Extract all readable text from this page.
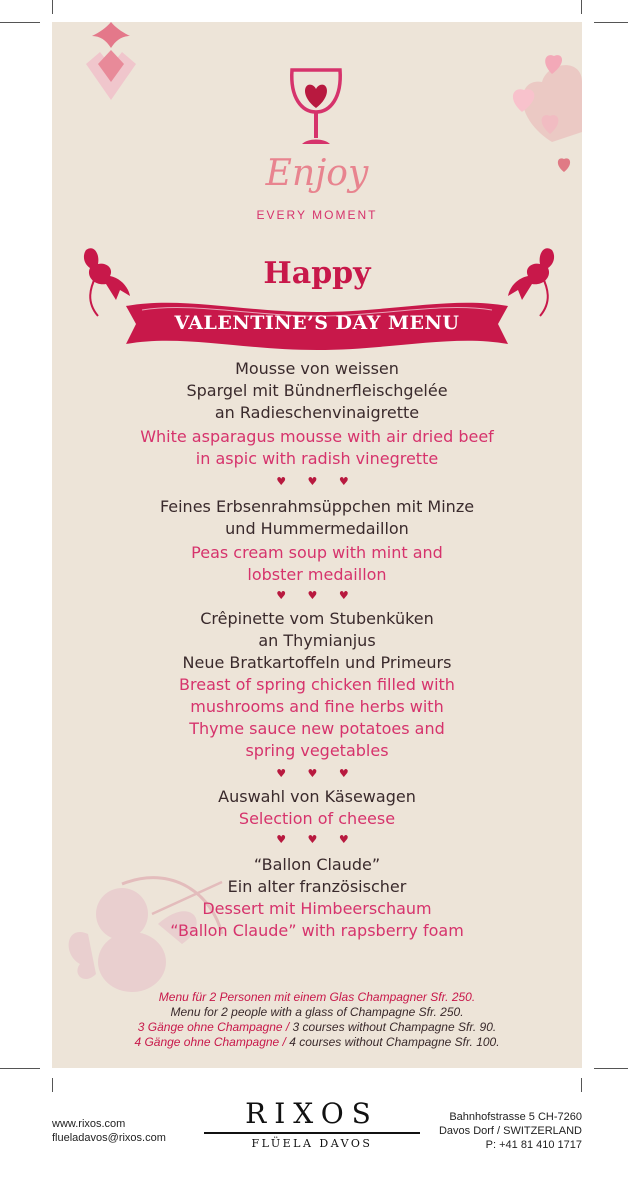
Enjoy
EVERY MOMENT
Happy
VALENTINE’S DAY MENU
Mousse von weissen
Spargel mit Bündnerfleischgelée
an Radieschenvinaigrette
White asparagus mousse with air dried beef
in aspic with radish vinegrette
♥ ♥ ♥
Feines Erbsenrahmsüppchen mit Minze
und Hummermedaillon
Peas cream soup with mint and
lobster medaillon
♥ ♥ ♥
Crêpinette vom Stubenküken
an Thymianjus
Neue Bratkartoffeln und Primeurs
Breast of spring chicken filled with
mushrooms and fine herbs with
Thyme sauce new potatoes and
spring vegetables
♥ ♥ ♥
Auswahl von Käsewagen
Selection of cheese
♥ ♥ ♥
“Ballon Claude”
Ein alter französischer
Dessert mit Himbeerschaum
“Ballon Claude” with rapsberry foam
Menu für 2 Personen mit einem Glas Champagner Sfr. 250.
Menu for 2 people with a glass of Champagne Sfr. 250.
3 Gänge ohne Champagne / 3 courses without Champagne Sfr. 90.
4 Gänge ohne Champagne / 4 courses without Champagne Sfr. 100.
www.rixos.com
flueladavos@rixos.com
RIXOS
FLÜELA DAVOS
Bahnhofstrasse 5 CH-7260
Davos Dorf / SWITZERLAND
P: +41 81 410 1717
